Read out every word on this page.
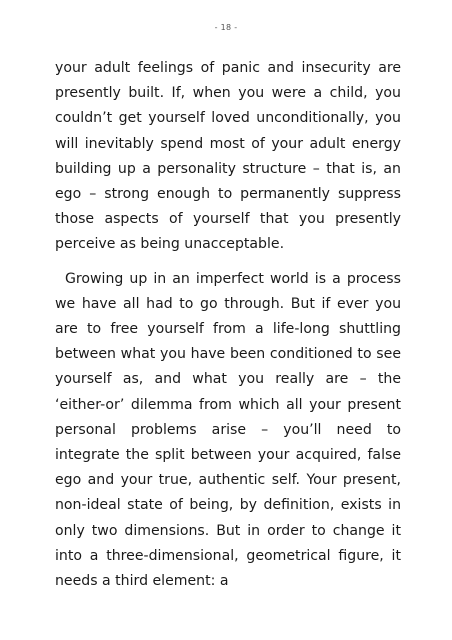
- 18 -

your adult feelings of panic and insecurity are presently built. If, when you were a child, you couldn’t get yourself loved unconditionally, you will inevitably spend most of your adult energy building up a personality structure – that is, an ego – strong enough to permanently suppress those aspects of yourself that you presently perceive as being unacceptable.

Growing up in an imperfect world is a process we have all had to go through. But if ever you are to free yourself from a life-long shuttling between what you have been conditioned to see yourself as, and what you really are – the ‘either-or’ dilemma from which all your present personal problems arise – you’ll need to integrate the split between your acquired, false ego and your true, authentic self. Your present, non-ideal state of being, by definition, exists in only two dimensions. But in order to change it into a three-dimensional, geometrical figure, it needs a third element: a
